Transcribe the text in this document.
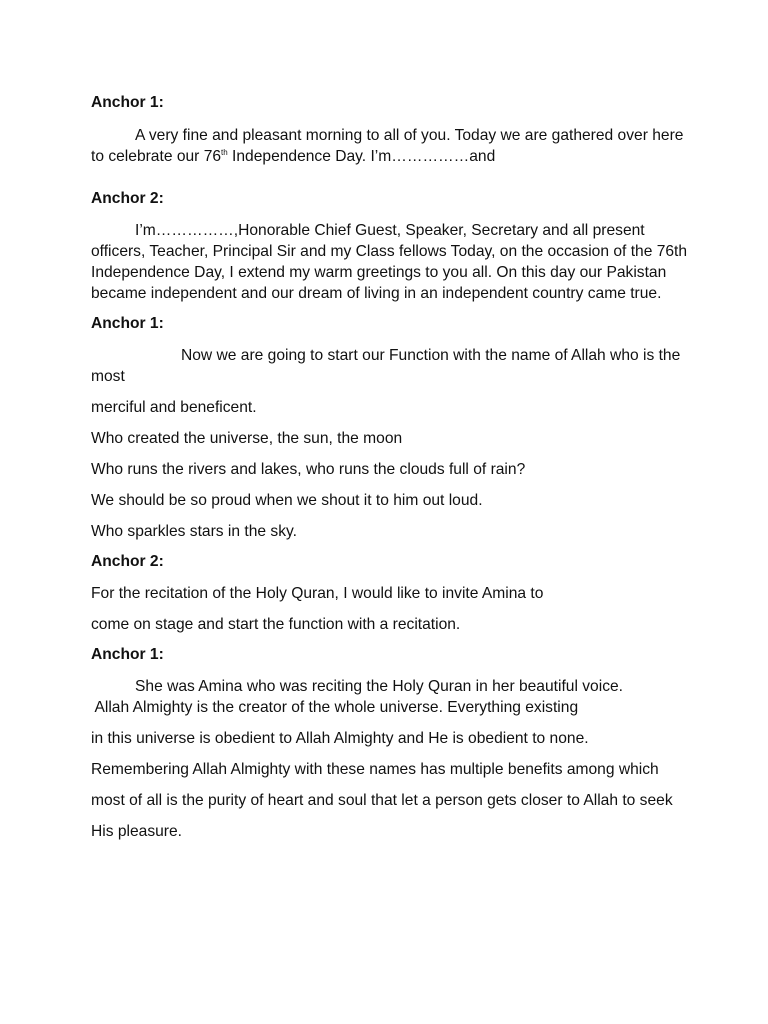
Anchor 1:

A very fine and pleasant morning to all of you. Today we are gathered over here to celebrate our 76th Independence Day. I’m……………and

Anchor 2:

I’m……………,Honorable Chief Guest, Speaker, Secretary and all present officers, Teacher, Principal Sir and my Class fellows Today, on the occasion of the 76th Independence Day, I extend my warm greetings to you all. On this day our Pakistan became independent and our dream of living in an independent country came true.

Anchor 1:

Now we are going to start our Function with the name of Allah who is the most

merciful and beneficent.

Who created the universe, the sun, the moon

Who runs the rivers and lakes, who runs the clouds full of rain?

We should be so proud when we shout it to him out loud.

Who sparkles stars in the sky.

Anchor 2:

For the recitation of the Holy Quran, I would like to invite Amina to

come on stage and start the function with a recitation.

Anchor 1:

She was Amina who was reciting the Holy Quran in her beautiful voice.

Allah Almighty is the creator of the whole universe. Everything existing

in this universe is obedient to Allah Almighty and He is obedient to none.

Remembering Allah Almighty with these names has multiple benefits among which

most of all is the purity of heart and soul that let a person gets closer to Allah to seek

His pleasure.
